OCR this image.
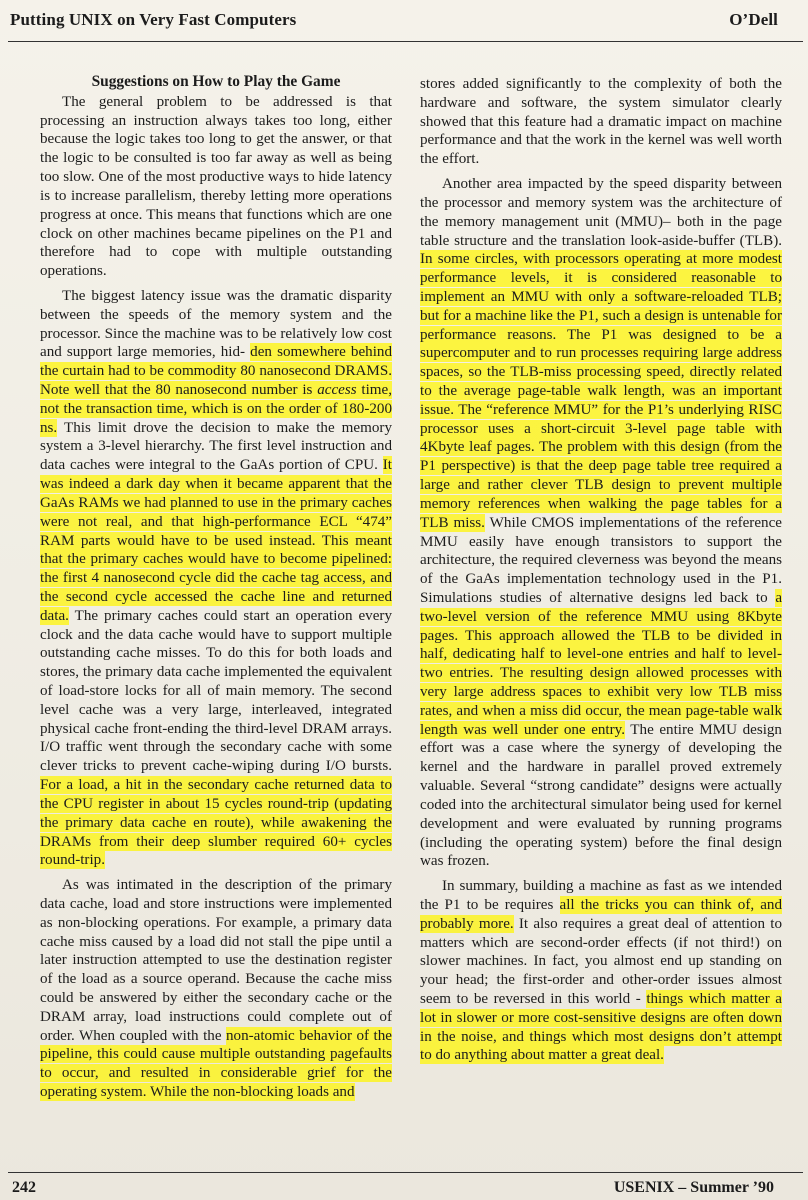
Putting UNIX on Very Fast Computers	O’Dell
Suggestions on How to Play the Game

The general problem to be addressed is that processing an instruction always takes too long, either because the logic takes too long to get the answer, or that the logic to be consulted is too far away as well as being too slow. One of the most productive ways to hide latency is to increase parallelism, thereby letting more operations progress at once. This means that functions which are one clock on other machines became pipelines on the P1 and therefore had to cope with multiple outstanding operations.

The biggest latency issue was the dramatic disparity between the speeds of the memory system and the processor. Since the machine was to be relatively low cost and support large memories, hid- den somewhere behind the curtain had to be commodity 80 nanosecond DRAMS. Note well that the 80 nanosecond number is access time, not the transaction time, which is on the order of 180-200 ns. This limit drove the decision to make the memory system a 3-level hierarchy. The first level instruction and data caches were integral to the GaAs portion of CPU. It was indeed a dark day when it became apparent that the GaAs RAMs we had planned to use in the primary caches were not real, and that high-performance ECL “474” RAM parts would have to be used instead. This meant that the primary caches would have to become pipelined: the first 4 nanosecond cycle did the cache tag access, and the second cycle accessed the cache line and returned data. The primary caches could start an operation every clock and the data cache would have to support multiple outstanding cache misses. To do this for both loads and stores, the primary data cache implemented the equivalent of load-store locks for all of main memory. The second level cache was a very large, interleaved, integrated physical cache front-ending the third-level DRAM arrays. I/O traffic went through the secondary cache with some clever tricks to prevent cache-wiping during I/O bursts. For a load, a hit in the secondary cache returned data to the CPU register in about 15 cycles round-trip (updating the primary data cache en route), while awakening the DRAMs from their deep slumber required 60+ cycles round-trip.

As was intimated in the description of the primary data cache, load and store instructions were implemented as non-blocking operations. For example, a primary data cache miss caused by a load did not stall the pipe until a later instruction attempted to use the destination register of the load as a source operand. Because the cache miss could be answered by either the secondary cache or the DRAM array, load instructions could complete out of order. When coupled with the non-atomic behavior of the pipeline, this could cause multiple outstanding pagefaults to occur, and resulted in considerable grief for the operating system. While the non-blocking loads and

stores added significantly to the complexity of both the hardware and software, the system simulator clearly showed that this feature had a dramatic impact on machine performance and that the work in the kernel was well worth the effort.

Another area impacted by the speed disparity between the processor and memory system was the architecture of the memory management unit (MMU)– both in the page table structure and the translation look-aside-buffer (TLB). In some circles, with processors operating at more modest performance levels, it is considered reasonable to implement an MMU with only a software-reloaded TLB; but for a machine like the P1, such a design is untenable for performance reasons. The P1 was designed to be a supercomputer and to run processes requiring large address spaces, so the TLB-miss processing speed, directly related to the average page-table walk length, was an important issue. The “reference MMU” for the P1’s underlying RISC processor uses a short-circuit 3-level page table with 4Kbyte leaf pages. The problem with this design (from the P1 perspective) is that the deep page table tree required a large and rather clever TLB design to prevent multiple memory references when walking the page tables for a TLB miss. While CMOS implementations of the reference MMU easily have enough transistors to support the architecture, the required cleverness was beyond the means of the GaAs implementation technology used in the P1. Simulations studies of alternative designs led back to a two-level version of the reference MMU using 8Kbyte pages. This approach allowed the TLB to be divided in half, dedicating half to level-one entries and half to level-two entries. The resulting design allowed processes with very large address spaces to exhibit very low TLB miss rates, and when a miss did occur, the mean page-table walk length was well under one entry. The entire MMU design effort was a case where the synergy of developing the kernel and the hardware in parallel proved extremely valuable. Several “strong candidate” designs were actually coded into the architectural simulator being used for kernel development and were evaluated by running programs (including the operating system) before the final design was frozen.

In summary, building a machine as fast as we intended the P1 to be requires all the tricks you can think of, and probably more. It also requires a great deal of attention to matters which are second-order effects (if not third!) on slower machines. In fact, you almost end up standing on your head; the first-order and other-order issues almost seem to be reversed in this world - things which matter a lot in slower or more cost-sensitive designs are often down in the noise, and things which most designs don’t attempt to do anything about matter a great deal.

242	USENIX – Summer ’90
